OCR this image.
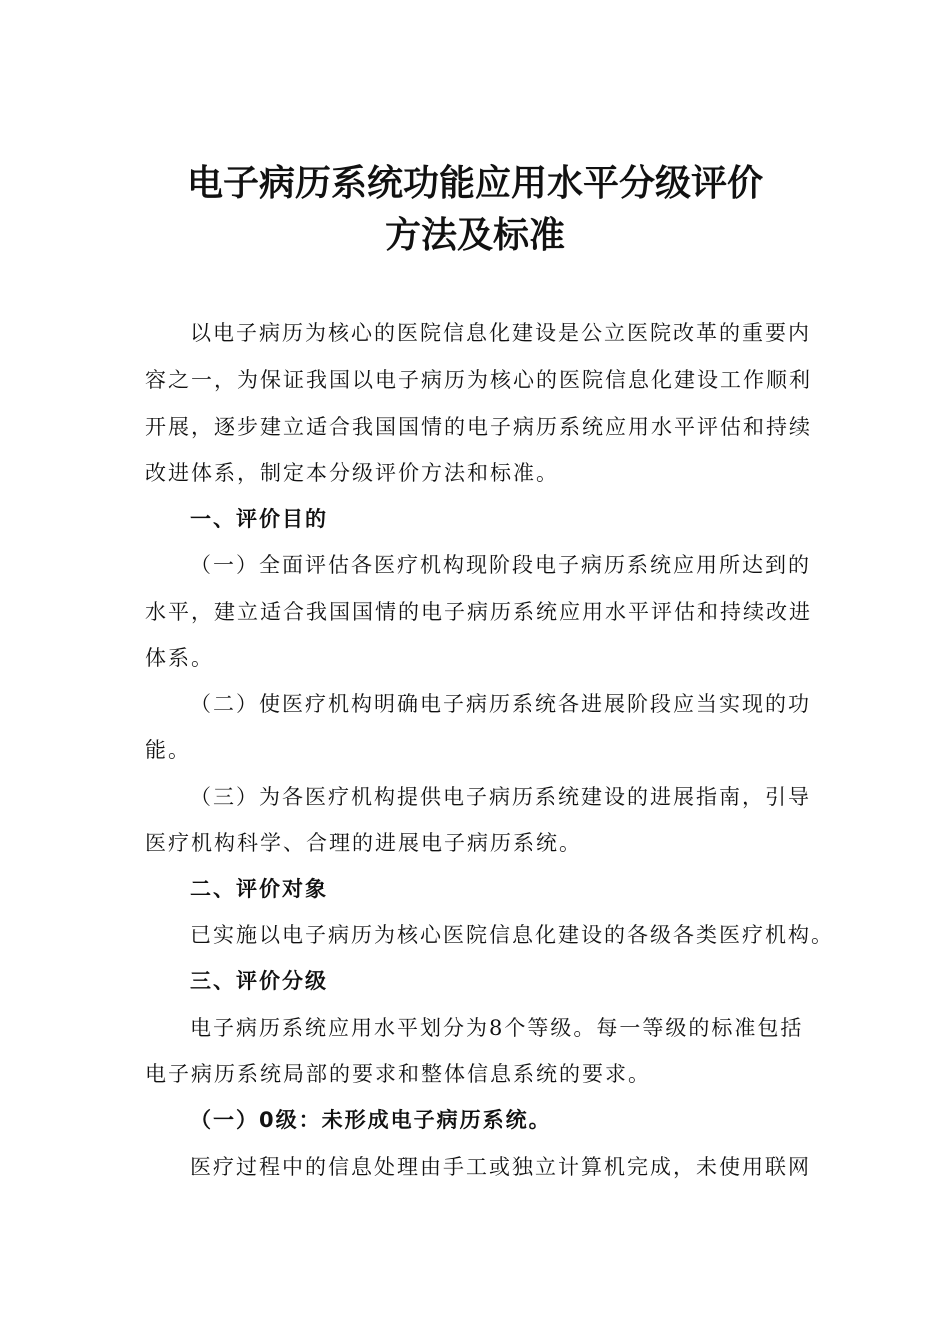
电子病历系统功能应用水平分级评价
方法及标准
以电子病历为核心的医院信息化建设是公立医院改革的重要内
容之一，为保证我国以电子病历为核心的医院信息化建设工作顺利
开展，逐步建立适合我国国情的电子病历系统应用水平评估和持续
改进体系，制定本分级评价方法和标准。
一、评价目的
（一）全面评估各医疗机构现阶段电子病历系统应用所达到的
水平，建立适合我国国情的电子病历系统应用水平评估和持续改进
体系。
（二）使医疗机构明确电子病历系统各进展阶段应当实现的功
能。
（三）为各医疗机构提供电子病历系统建设的进展指南，引导
医疗机构科学、合理的进展电子病历系统。
二、评价对象
已实施以电子病历为核心医院信息化建设的各级各类医疗机构。
三、评价分级
电子病历系统应用水平划分为8个等级。每一等级的标准包括
电子病历系统局部的要求和整体信息系统的要求。
（一）0级：未形成电子病历系统。
医疗过程中的信息处理由手工或独立计算机完成，未使用联网
